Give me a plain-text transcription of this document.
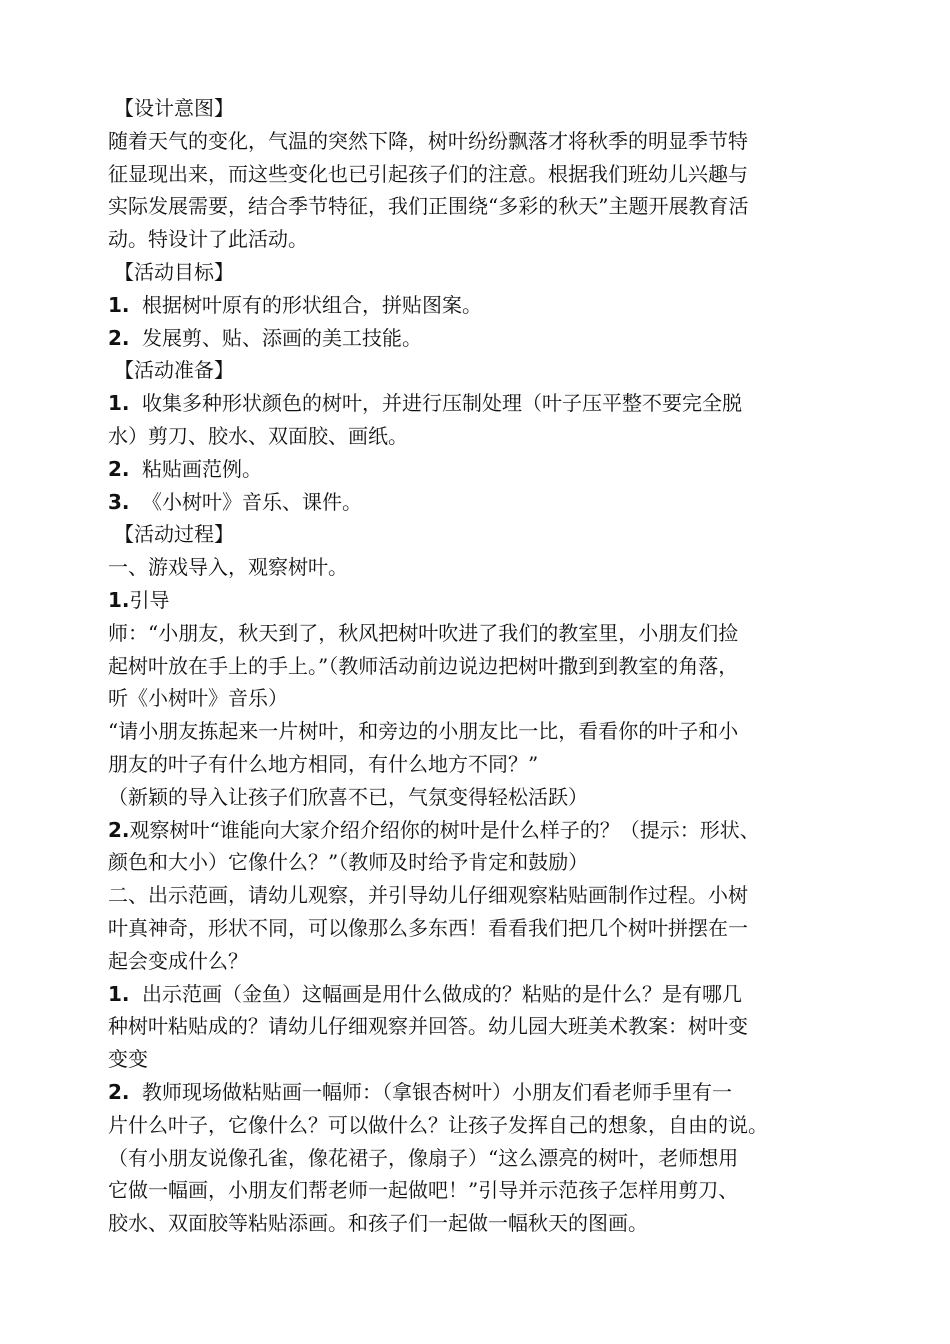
【设计意图】

随着天气的变化，气温的突然下降，树叶纷纷飘落才将秋季的明显季节特

征显现出来，而这些变化也已引起孩子们的注意。根据我们班幼儿兴趣与

实际发展需要，结合季节特征，我们正围绕“多彩的秋天”主题开展教育活

动。特设计了此活动。

【活动目标】

1. 根据树叶原有的形状组合，拼贴图案。

2. 发展剪、贴、添画的美工技能。

【活动准备】

1. 收集多种形状颜色的树叶，并进行压制处理（叶子压平整不要完全脱

水）剪刀、胶水、双面胶、画纸。

2. 粘贴画范例。

3. 《小树叶》音乐、课件。

【活动过程】

一、游戏导入，观察树叶。

1.引导

师：“小朋友，秋天到了，秋风把树叶吹进了我们的教室里，小朋友们捡

起树叶放在手上的手上。”（教师活动前边说边把树叶撒到到教室的角落，

听《小树叶》音乐）

“请小朋友拣起来一片树叶，和旁边的小朋友比一比，看看你的叶子和小

朋友的叶子有什么地方相同，有什么地方不同？”

（新颖的导入让孩子们欣喜不已，气氛变得轻松活跃）

2.观察树叶“谁能向大家介绍介绍你的树叶是什么样子的？（提示：形状、

颜色和大小）它像什么？”（教师及时给予肯定和鼓励）

二、出示范画，请幼儿观察，并引导幼儿仔细观察粘贴画制作过程。小树

叶真神奇，形状不同，可以像那么多东西！看看我们把几个树叶拼摆在一

起会变成什么？

1. 出示范画（金鱼）这幅画是用什么做成的？粘贴的是什么？是有哪几

种树叶粘贴成的？请幼儿仔细观察并回答。幼儿园大班美术教案：树叶变

变变

2. 教师现场做粘贴画一幅师：（拿银杏树叶）小朋友们看老师手里有一

片什么叶子，它像什么？可以做什么？让孩子发挥自己的想象，自由的说。

（有小朋友说像孔雀，像花裙子，像扇子）“这么漂亮的树叶，老师想用

它做一幅画，小朋友们帮老师一起做吧！”引导并示范孩子怎样用剪刀、

胶水、双面胶等粘贴添画。和孩子们一起做一幅秋天的图画。
